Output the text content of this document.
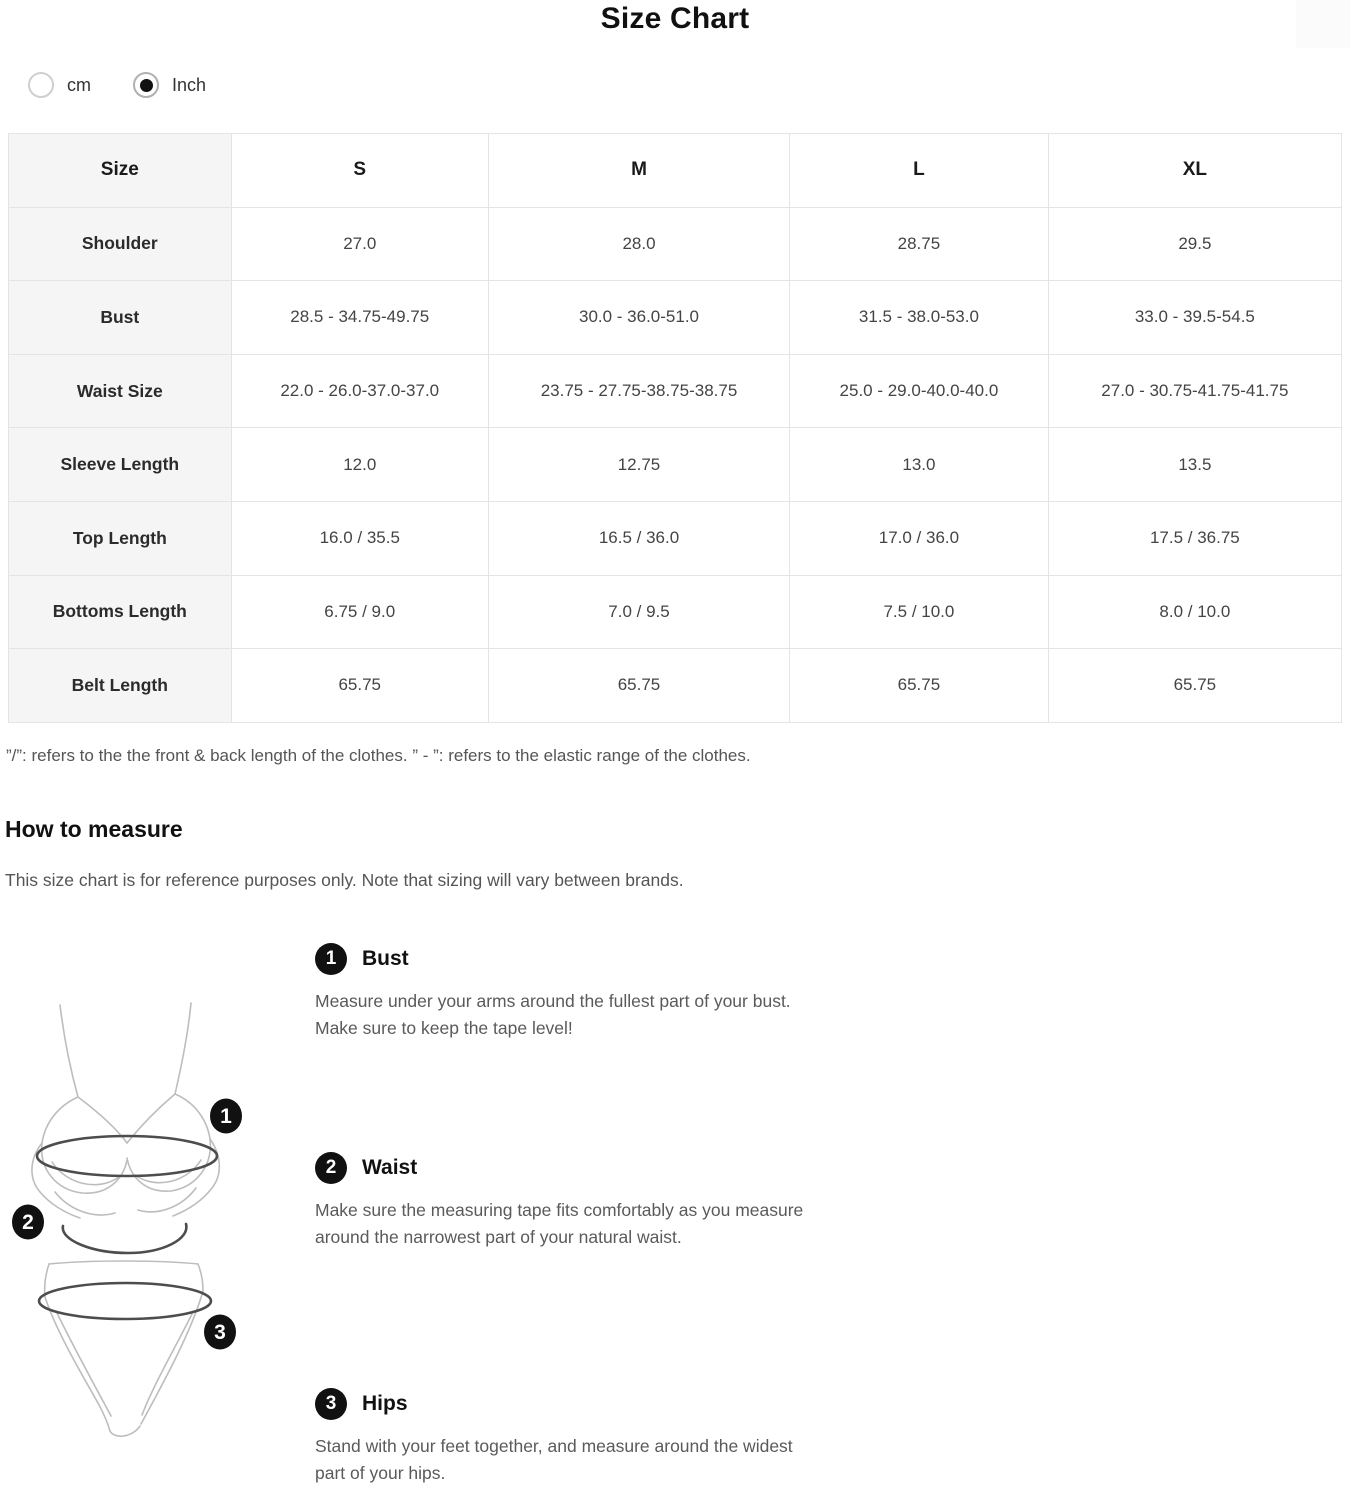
Size Chart
cm	Inch
Size	S	M	L	XL
Shoulder	27.0	28.0	28.75	29.5
Bust	28.5 - 34.75-49.75	30.0 - 36.0-51.0	31.5 - 38.0-53.0	33.0 - 39.5-54.5
Waist Size	22.0 - 26.0-37.0-37.0	23.75 - 27.75-38.75-38.75	25.0 - 29.0-40.0-40.0	27.0 - 30.75-41.75-41.75
Sleeve Length	12.0	12.75	13.0	13.5
Top Length	16.0 / 35.5	16.5 / 36.0	17.0 / 36.0	17.5 / 36.75
Bottoms Length	6.75 / 9.0	7.0 / 9.5	7.5 / 10.0	8.0 / 10.0
Belt Length	65.75	65.75	65.75	65.75

”/”: refers to the the front & back length of the clothes. ” - ”: refers to the elastic range of the clothes.

How to measure

This size chart is for reference purposes only. Note that sizing will vary between brands.

1
2
3
1	Bust

Measure under your arms around the fullest part of your bust. Make sure to keep the tape level!

2	Waist

Make sure the measuring tape fits comfortably as you measure around the narrowest part of your natural waist.

3	Hips

Stand with your feet together, and measure around the widest part of your hips.
